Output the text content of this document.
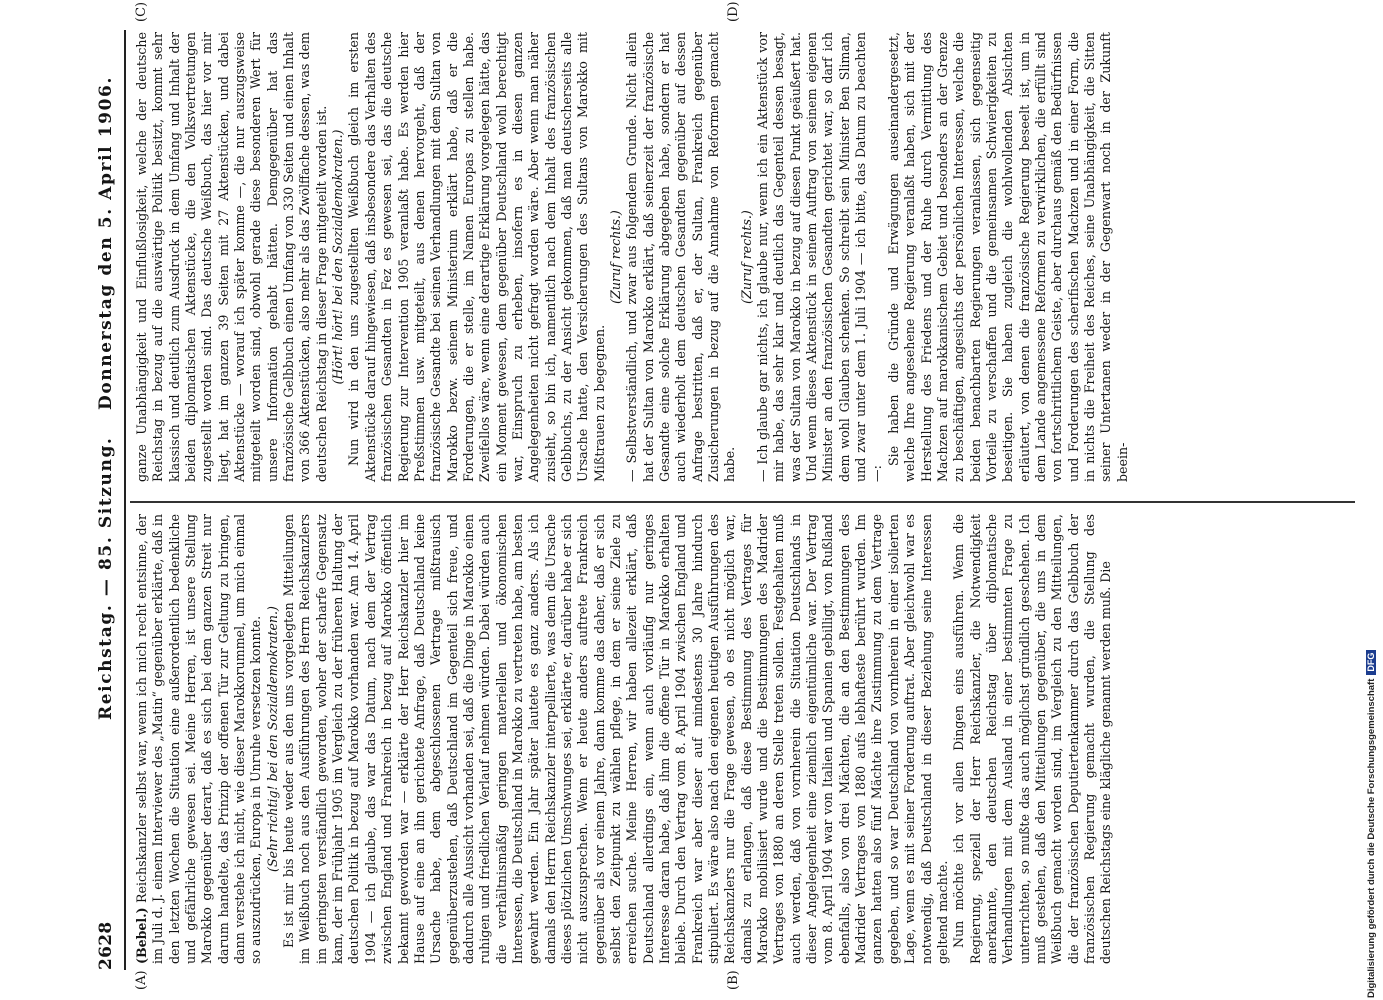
2628
Reichstag. — 85. Sitzung.
Donnerstag den 5. April 1906.
(A)	(B)
(C)	(D)

(Bebel.) Reichskanzler selbst war, wenn ich mich recht entsinne, der im Juli d. J. einem Interviewer des „Matin“ gegenüber erklärte, daß in den letzten Wochen die Situation eine außerordentlich bedenkliche und gefährliche gewesen sei. Meine Herren, ist unsere Stellung Marokko gegenüber derart, daß es sich bei dem ganzen Streit nur darum handelte, das Prinzip der offenen Tür zur Geltung zu bringen, dann verstehe ich nicht, wie dieser Marokkorummel, um mich einmal so auszudrücken, Europa in Unruhe versetzen konnte. (Sehr richtig! bei den Sozialdemokraten.) Es ist mir bis heute weder aus den uns vorgelegten Mitteilungen im Weißbuch noch aus den Ausführungen des Herrn Reichskanzlers im geringsten verständlich geworden, woher der scharfe Gegensatz kam, der im Frühjahr 1905 im Vergleich zu der früheren Haltung der deutschen Politik in bezug auf Marokko vorhanden war. Am 14. April 1904 — ich glaube, das war das Datum, nach dem der Vertrag zwischen England und Frankreich in bezug auf Marokko öffentlich bekannt geworden war — erklärte der Herr Reichskanzler hier im Hause auf eine an ihn gerichtete Anfrage, daß Deutschland keine Ursache habe, dem abgeschlossenen Vertrage mißtrauisch gegenüberzustehen, daß Deutschland im Gegenteil sich freue, und dadurch alle Aussicht vorhanden sei, daß die Dinge in Marokko einen ruhigen und friedlichen Verlauf nehmen würden. Dabei würden auch die verhältnismäßig geringen materiellen und ökonomischen Interessen, die Deutschland in Marokko zu vertreten habe, am besten gewahrt werden. Ein Jahr später lautete es ganz anders. Als ich damals den Herrn Reichskanzler interpellierte, was denn die Ursache dieses plötzlichen Umschwunges sei, erklärte er, darüber habe er sich nicht auszusprechen. Wenn er heute anders auftrete Frankreich gegenüber als vor einem Jahre, dann komme das daher, daß er sich selbst den Zeitpunkt zu wählen pflege, in dem er seine Ziele zu erreichen suche. Meine Herren, wir haben allezeit erklärt, daß Deutschland allerdings ein, wenn auch vorläufig nur geringes Interesse daran habe, daß ihm die offene Tür in Marokko erhalten bleibe. Durch den Vertrag vom 8. April 1904 zwischen England und Frankreich war aber dieser auf mindestens 30 Jahre hindurch stipuliert. Es wäre also nach den eigenen heutigen Ausführungen des Reichskanzlers nur die Frage gewesen, ob es nicht möglich war, damals zu erlangen, daß diese Bestimmung des Vertrages für Marokko mobilisiert wurde und die Bestimmungen des Madrider Vertrages von 1880 an deren Stelle treten sollen. Festgehalten muß auch werden, daß von vornherein die Situation Deutschlands in dieser Angelegenheit eine ziemlich eigentümliche war. Der Vertrag vom 8. April 1904 war von Italien und Spanien gebilligt, von Rußland ebenfalls, also von drei Mächten, die an den Bestimmungen des Madrider Vertrages von 1880 aufs lebhafteste berührt wurden. Im ganzen hatten also fünf Mächte ihre Zustimmung zu dem Vertrage gegeben, und so war Deutschland von vornherein in einer isolierten Lage, wenn es mit seiner Forderung auftrat. Aber gleichwohl war es notwendig, daß Deutschland in dieser Beziehung seine Interessen geltend machte. Nun möchte ich vor allen Dingen eins ausführen. Wenn die Regierung, speziell der Herr Reichskanzler, die Notwendigkeit anerkannte, den deutschen Reichstag über diplomatische Verhandlungen mit dem Ausland in einer bestimmten Frage zu unterrichten, so mußte das auch möglichst gründlich geschehen. Ich muß gestehen, daß den Mitteilungen gegenüber, die uns in dem Weißbuch gemacht worden sind, im Vergleich zu den Mitteilungen, die der französischen Deputiertenkammer durch das Gelbbuch der französischen Regierung gemacht wurden, die Stellung des deutschen Reichstags eine klägliche genannt werden muß. Die

ganze Unabhängigkeit und Einflußlosigkeit, welche der deutsche Reichstag in bezug auf die auswärtige Politik besitzt, kommt sehr klassisch und deutlich zum Ausdruck in dem Umfang und Inhalt der beiden diplomatischen Aktenstücke, die den Volksvertretungen zugestellt worden sind. Das deutsche Weißbuch, das hier vor mir liegt, hat im ganzen 39 Seiten mit 27 Aktenstücken, und dabei Aktenstücke — worauf ich später komme —, die nur auszugsweise mitgeteilt worden sind, obwohl gerade diese besonderen Wert für unsere Information gehabt hätten. Demgegenüber hat das französische Gelbbuch einen Umfang von 330 Seiten und einen Inhalt von 366 Aktenstücken, also mehr als das Zwölffache dessen, was dem deutschen Reichstag in dieser Frage mitgeteilt worden ist. (Hört! hört! bei den Sozialdemokraten.) Nun wird in den uns zugestellten Weißbuch gleich im ersten Aktenstücke darauf hingewiesen, daß insbesondere das Verhalten des französischen Gesandten in Fez es gewesen sei, das die deutsche Regierung zur Intervention 1905 veranlaßt habe. Es werden hier Preßstimmen usw. mitgeteilt, aus denen hervorgeht, daß der französische Gesandte bei seinen Verhandlungen mit dem Sultan von Marokko bezw. seinem Ministerium erklärt habe, daß er die Forderungen, die er stelle, im Namen Europas zu stellen habe. Zweifellos wäre, wenn eine derartige Erklärung vorgelegen hätte, das ein Moment gewesen, dem gegenüber Deutschland wohl berechtigt war, Einspruch zu erheben, insofern es in diesen ganzen Angelegenheiten nicht gefragt worden wäre. Aber wenn man näher zusieht, so bin ich, namentlich nach dem Inhalt des französischen Gelbbuchs, zu der Ansicht gekommen, daß man deutscherseits alle Ursache hatte, den Versicherungen des Sultans von Marokko mit Mißtrauen zu begegnen.

(Zuruf rechts.) — Selbstverständlich, und zwar aus folgendem Grunde. Nicht allein hat der Sultan von Marokko erklärt, daß seinerzeit der französische Gesandte eine solche Erklärung abgegeben habe, sondern er hat auch wiederholt dem deutschen Gesandten gegenüber auf dessen Anfrage bestritten, daß er, der Sultan, Frankreich gegenüber Zusicherungen in bezug auf die Annahme von Reformen gemacht habe.

(Zuruf rechts.) — Ich glaube gar nichts, ich glaube nur, wenn ich ein Aktenstück vor mir habe, das sehr klar und deutlich das Gegenteil dessen besagt, was der Sultan von Marokko in bezug auf diesen Punkt geäußert hat. Und wenn dieses Aktenstück in seinem Auftrag von seinem eigenen Minister an den französischen Gesandten gerichtet war, so darf ich dem wohl Glauben schenken. So schreibt sein Minister Ben Sliman, und zwar unter dem 1. Juli 1904 — ich bitte, das Datum zu beachten —:

Sie haben die Gründe und Erwägungen auseinandergesetzt, welche Ihre angesehene Regierung veranlaßt haben, sich mit der Herstellung des Friedens und der Ruhe durch Vermittlung des Machzen auf marokkanischem Gebiet und besonders an der Grenze zu beschäftigen, angesichts der persönlichen Interessen, welche die beiden benachbarten Regierungen veranlassen, sich gegenseitig Vorteile zu verschaffen und die gemeinsamen Schwierigkeiten zu beseitigen. Sie haben zugleich die wohlwollenden Absichten erläutert, von denen die französische Regierung beseelt ist, um in dem Lande angemessene Reformen zu verwirklichen, die erfüllt sind von fortschrittlichem Geiste, aber durchaus gemäß den Bedürfnissen und Forderungen des scherifischen Machzen und in einer Form, die in nichts die Freiheit des Reiches, seine Unabhängigkeit, die Sitten seiner Untertanen weder in der Gegenwart noch in der Zukunft beein-

Digitalisierung gefördert durch die Deutsche ForschungsgemeinschaftDFG
